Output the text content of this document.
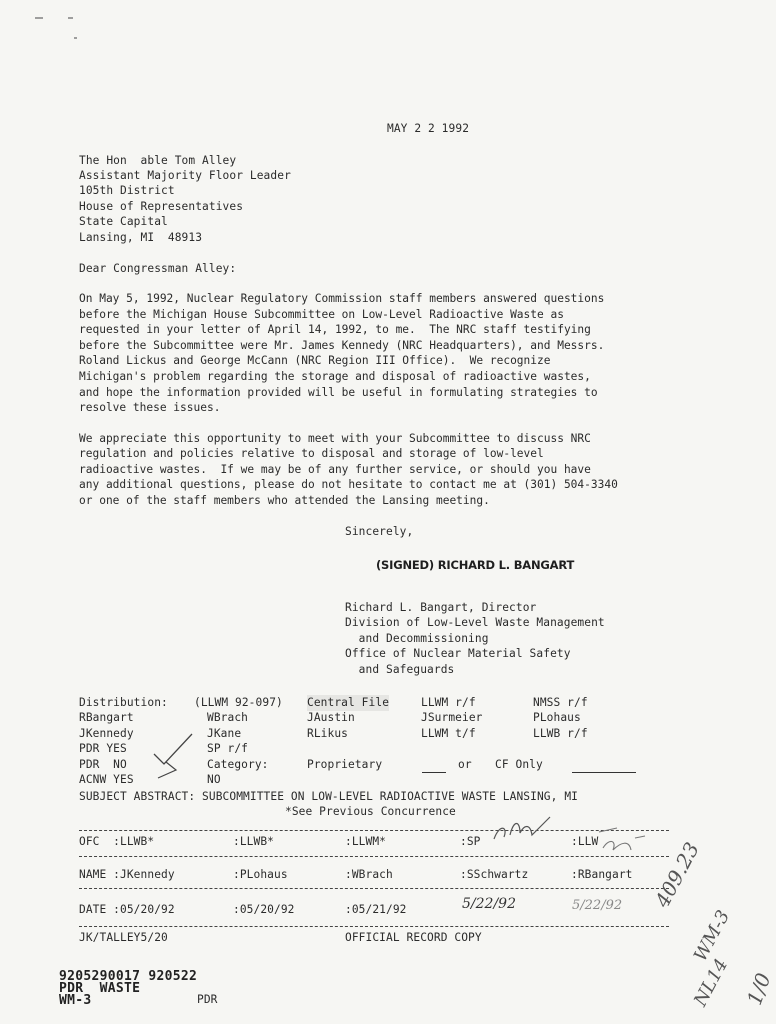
MAY 2 2 1992
The Hon  able Tom Alley
Assistant Majority Floor Leader
105th District
House of Representatives
State Capital
Lansing, MI  48913
Dear Congressman Alley:
On May 5, 1992, Nuclear Regulatory Commission staff members answered questions
before the Michigan House Subcommittee on Low-Level Radioactive Waste as
requested in your letter of April 14, 1992, to me.  The NRC staff testifying
before the Subcommittee were Mr. James Kennedy (NRC Headquarters), and Messrs.
Roland Lickus and George McCann (NRC Region III Office).  We recognize
Michigan's problem regarding the storage and disposal of radioactive wastes,
and hope the information provided will be useful in formulating strategies to
resolve these issues.
We appreciate this opportunity to meet with your Subcommittee to discuss NRC
regulation and policies relative to disposal and storage of low-level
radioactive wastes.  If we may be of any further service, or should you have
any additional questions, please do not hesitate to contact me at (301) 504-3340
or one of the staff members who attended the Lansing meeting.
Sincerely,
(SIGNED) RICHARD L. BANGART
Richard L. Bangart, Director
Division of Low-Level Waste Management
and Decommissioning
Office of Nuclear Material Safety
and Safeguards
Distribution: (LLWM 92-097) Central File	LLWM r/f	NMSS r/f
RBangart	WBrach	JAustin	JSurmeier	PLohaus
JKennedy	JKane	RLikus	LLWM t/f	LLWB r/f
PDR YES	SP r/f
PDR  NO	Category:	Proprietary	or CF Only
ACNW YES	NO
SUBJECT ABSTRACT: SUBCOMMITTEE ON LOW-LEVEL RADIOACTIVE WASTE LANSING, MI
*See Previous Concurrence
OFC  :LLWB*	:LLWB*	:LLWM*	:SP	:LLW
NAME :JKennedy	:PLohaus	:WBrach	:SSchwartz	:RBangart
DATE :05/20/92	:05/20/92	:05/21/92	5/22/92	5/22/92
JK/TALLEY5/20	OFFICIAL RECORD COPY
409.23
WM-3
NL14 1/0
9205290017 920522
PDR  WASTE
WM-3	PDR
